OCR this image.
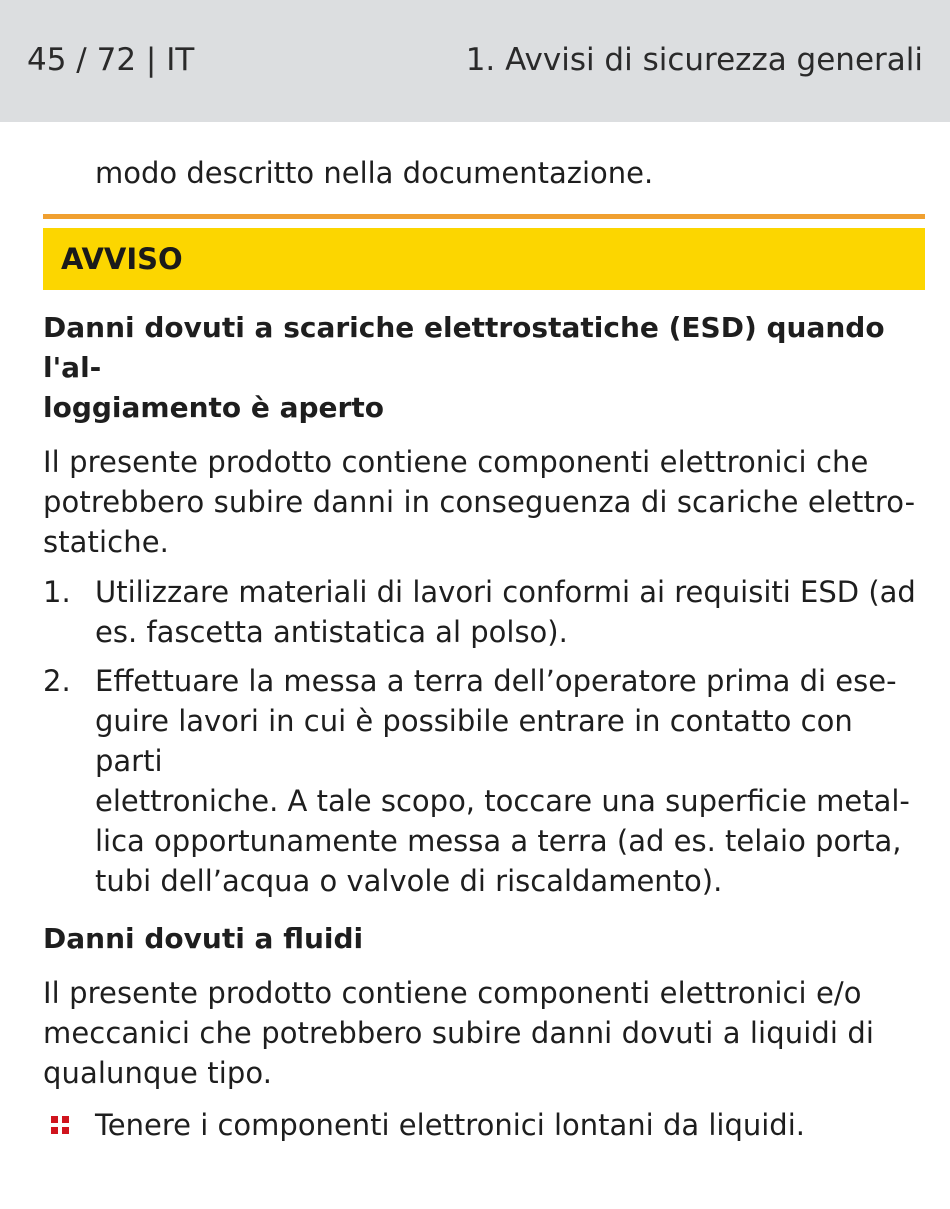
45 / 72 | IT	1. Avvisi di sicurezza generali

modo descritto nella documentazione.

AVVISO
Danni dovuti a scariche elettrostatiche (ESD) quando l'al-
loggiamento è aperto
Il presente prodotto contiene componenti elettronici che
potrebbero subire danni in conseguenza di scariche elettro-
statiche.
1. Utilizzare materiali di lavori conformi ai requisiti ESD (ad
es. fascetta antistatica al polso).
2. Effettuare la messa a terra dell’operatore prima di ese-
guire lavori in cui è possibile entrare in contatto con parti
elettroniche. A tale scopo, toccare una superficie metal-
lica opportunamente messa a terra (ad es. telaio porta,
tubi dell’acqua o valvole di riscaldamento).
Danni dovuti a fluidi
Il presente prodotto contiene componenti elettronici e/o
meccanici che potrebbero subire danni dovuti a liquidi di
qualunque tipo.
Tenere i componenti elettronici lontani da liquidi.
